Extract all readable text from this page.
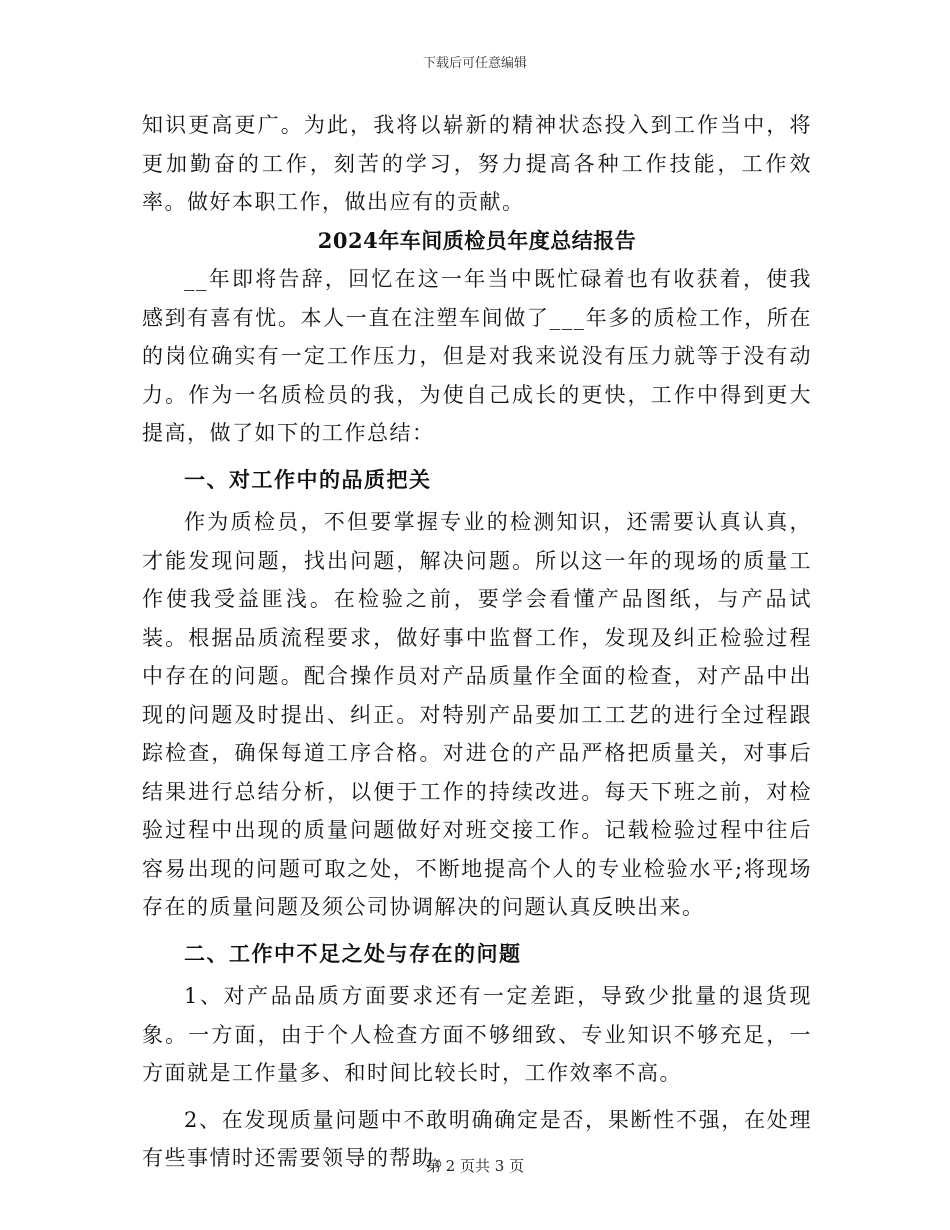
下载后可任意编辑

知识更高更广。为此，我将以崭新的精神状态投入到工作当中，将更加勤奋的工作，刻苦的学习，努力提高各种工作技能，工作效率。做好本职工作，做出应有的贡献。

2024年车间质检员年度总结报告

__年即将告辞，回忆在这一年当中既忙碌着也有收获着，使我感到有喜有忧。本人一直在注塑车间做了___年多的质检工作，所在的岗位确实有一定工作压力，但是对我来说没有压力就等于没有动力。作为一名质检员的我，为使自己成长的更快，工作中得到更大提高，做了如下的工作总结：

一、对工作中的品质把关

作为质检员，不但要掌握专业的检测知识，还需要认真认真，才能发现问题，找出问题，解决问题。所以这一年的现场的质量工作使我受益匪浅。在检验之前，要学会看懂产品图纸，与产品试装。根据品质流程要求，做好事中监督工作，发现及纠正检验过程中存在的问题。配合操作员对产品质量作全面的检查，对产品中出现的问题及时提出、纠正。对特别产品要加工工艺的进行全过程跟踪检查，确保每道工序合格。对进仓的产品严格把质量关，对事后结果进行总结分析，以便于工作的持续改进。每天下班之前，对检验过程中出现的质量问题做好对班交接工作。记载检验过程中往后容易出现的问题可取之处，不断地提高个人的专业检验水平;将现场存在的质量问题及须公司协调解决的问题认真反映出来。

二、工作中不足之处与存在的问题

1、对产品品质方面要求还有一定差距，导致少批量的退货现象。一方面，由于个人检查方面不够细致、专业知识不够充足，一方面就是工作量多、和时间比较长时，工作效率不高。

2、在发现质量问题中不敢明确确定是否，果断性不强，在处理有些事情时还需要领导的帮助。

第 2 页共 3 页
